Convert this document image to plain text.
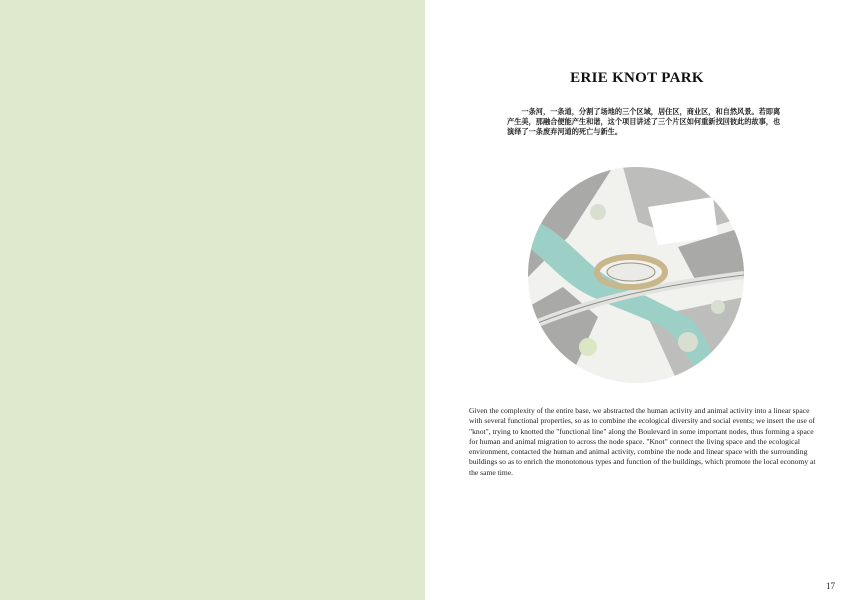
ERIE KNOT PARK
一条河，一条道，分割了场地的三个区域，居住区，商业区，和自然风景。若即离产生美，那融合便能产生和谐，这个项目讲述了三个片区如何重新找回彼此的故事，也演绎了一条废弃河道的死亡与新生。
Given the complexity of the entire base, we abstracted the human activity and animal activity into a linear space with several functional properties, so as to combine the ecological diversity and social events; we insert the use of "knot", trying to knotted the "functional line" along the Boulevard in some important nodes, thus forming a space for human and animal migration to across the node space. "Knot" connect the living space and the ecological environment, contacted the human and animal activity, combine the node and linear space with the surrounding buildings so as to enrich the monotonous types and function of the buildings, which promote the local economy at the same time.
17
